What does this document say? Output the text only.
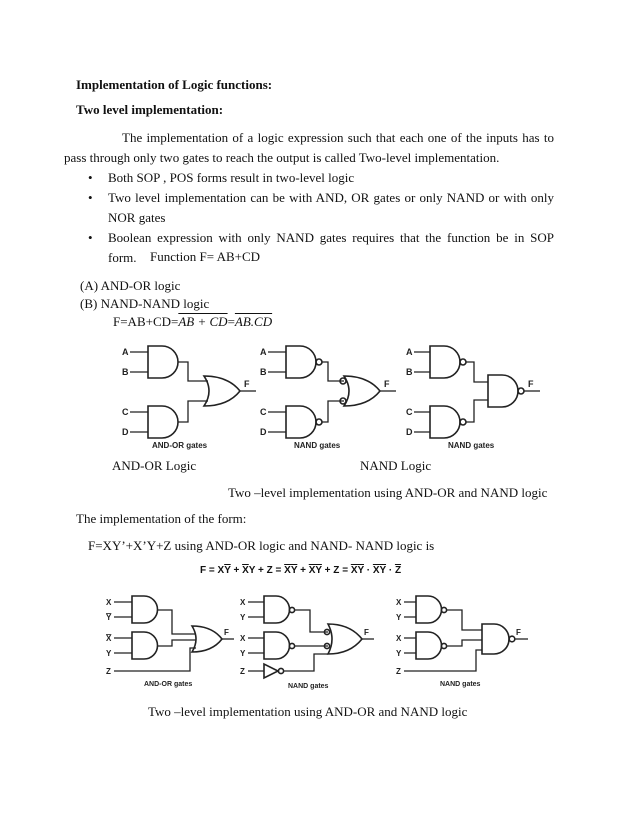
Implementation of Logic functions:
Two level implementation:
The implementation of a logic expression such that each one of the inputs has to pass through only two gates to reach the output is called Two-level implementation.
• Both SOP , POS forms result in two-level logic
• Two level implementation can be with AND, OR gates or only NAND or with only NOR gates
• Boolean expression with only NAND gates requires that the function be in SOP form.	Function F= AB+CD
(A) AND-OR logic
(B) NAND-NAND logic
F=AB+CD=AB + CD=AB.CD
A
B
C
D
F
AND-OR gates
A
B
C
D
F
NAND gates
A
B
C
D
F
NAND gates
AND-OR Logic	NAND Logic
Two –level implementation using AND-OR and NAND logic
The implementation of the form:
F=XY’+X’Y+Z using AND-OR logic and NAND- NAND logic is
$F = X\overline{Y} + \overline{X}Y + Z = \overline{XY} + \overline{XY} + Z = \overline{XY} \cdot \overline{XY} \cdot \overline{Z}$
X
Y
X
Y
Z
F
AND-OR gates
X
Y
X
Y
Z
F
NAND gates
X
Y
X
Y
Z
F
NAND gates
Two –level implementation using AND-OR and NAND logic
